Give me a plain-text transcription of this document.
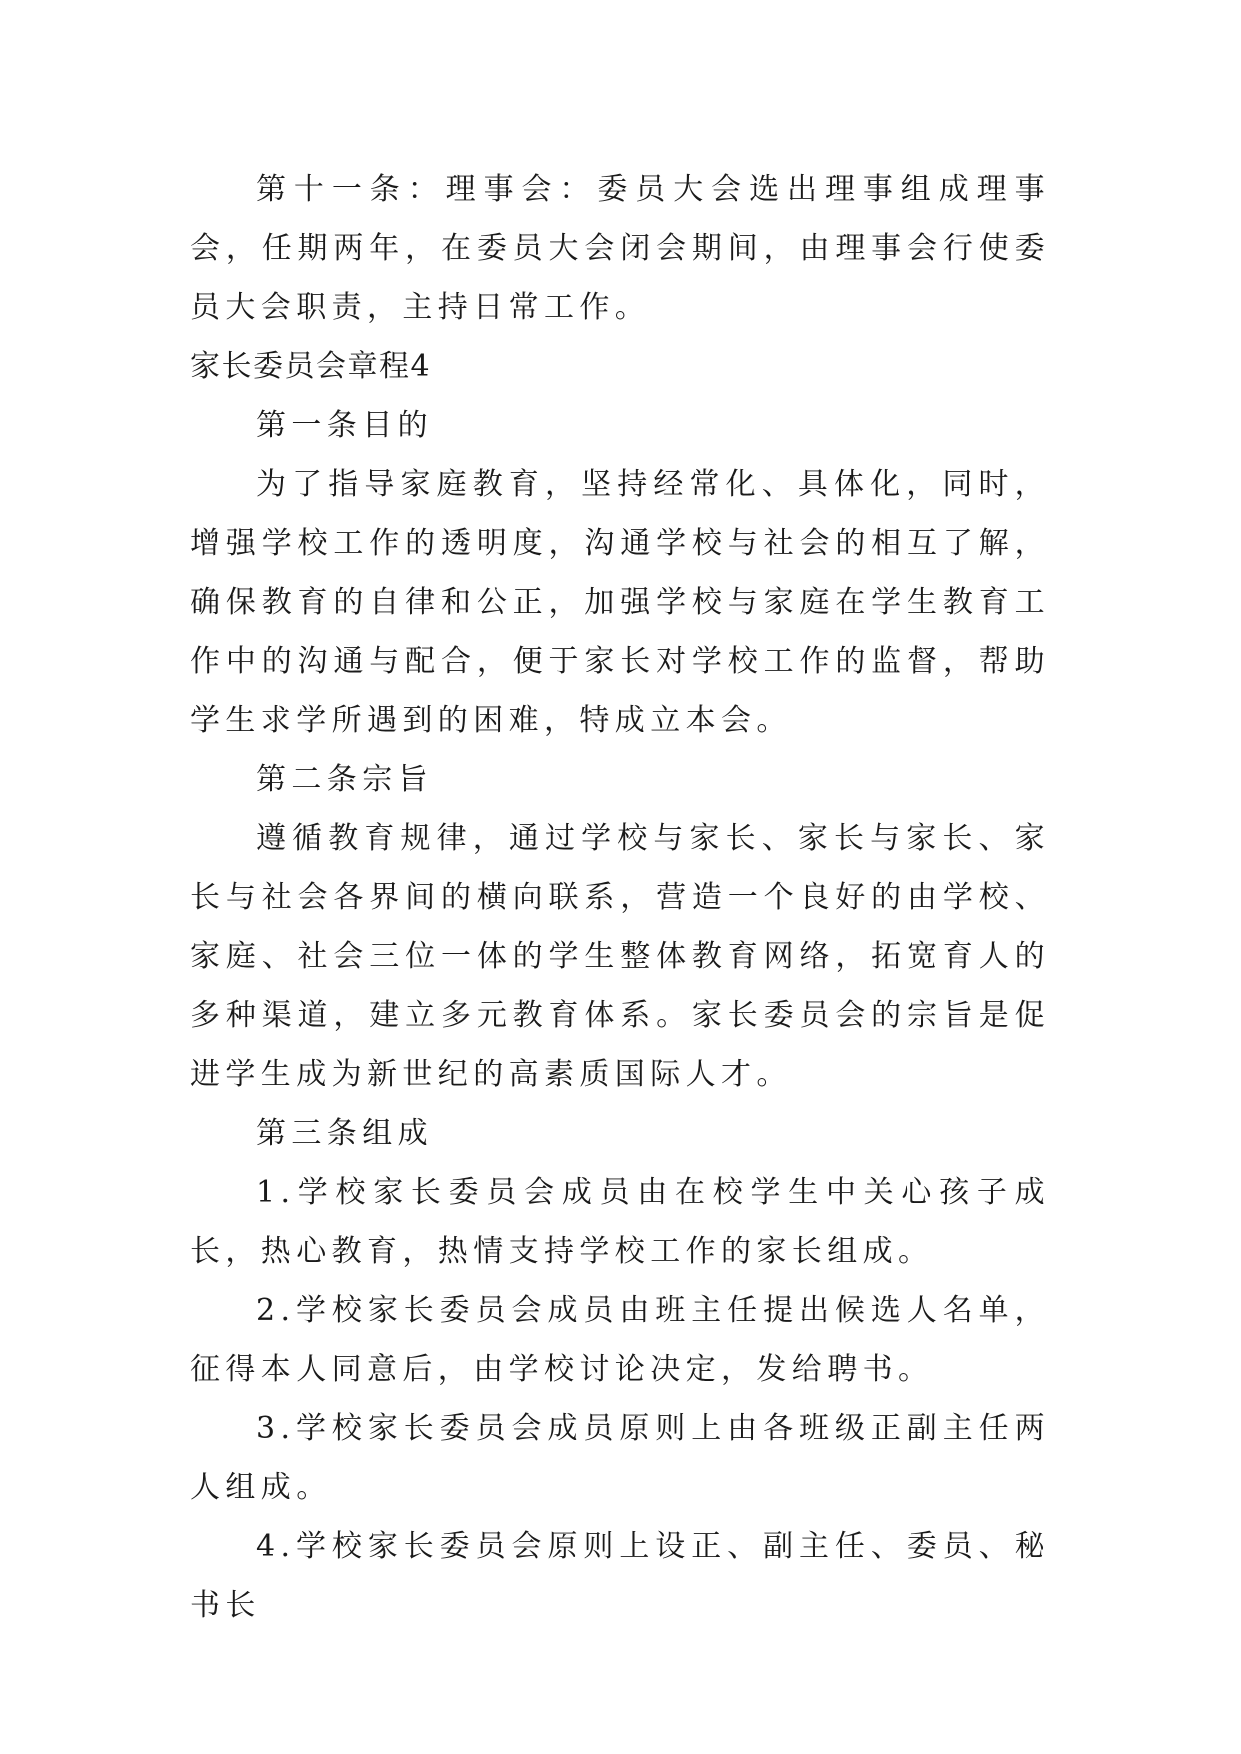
第十一条：理事会：委员大会选出理事组成理事会，任期两年，在委员大会闭会期间，由理事会行使委员大会职责，主持日常工作。

家长委员会章程4

第一条目的

为了指导家庭教育，坚持经常化、具体化，同时，增强学校工作的透明度，沟通学校与社会的相互了解，确保教育的自律和公正，加强学校与家庭在学生教育工作中的沟通与配合，便于家长对学校工作的监督，帮助学生求学所遇到的困难，特成立本会。

第二条宗旨

遵循教育规律，通过学校与家长、家长与家长、家长与社会各界间的横向联系，营造一个良好的由学校、家庭、社会三位一体的学生整体教育网络，拓宽育人的多种渠道，建立多元教育体系。家长委员会的宗旨是促进学生成为新世纪的高素质国际人才。

第三条组成

1.学校家长委员会成员由在校学生中关心孩子成长，热心教育，热情支持学校工作的家长组成。

2.学校家长委员会成员由班主任提出候选人名单，征得本人同意后，由学校讨论决定，发给聘书。

3.学校家长委员会成员原则上由各班级正副主任两人组成。

4.学校家长委员会原则上设正、副主任、委员、秘书长
